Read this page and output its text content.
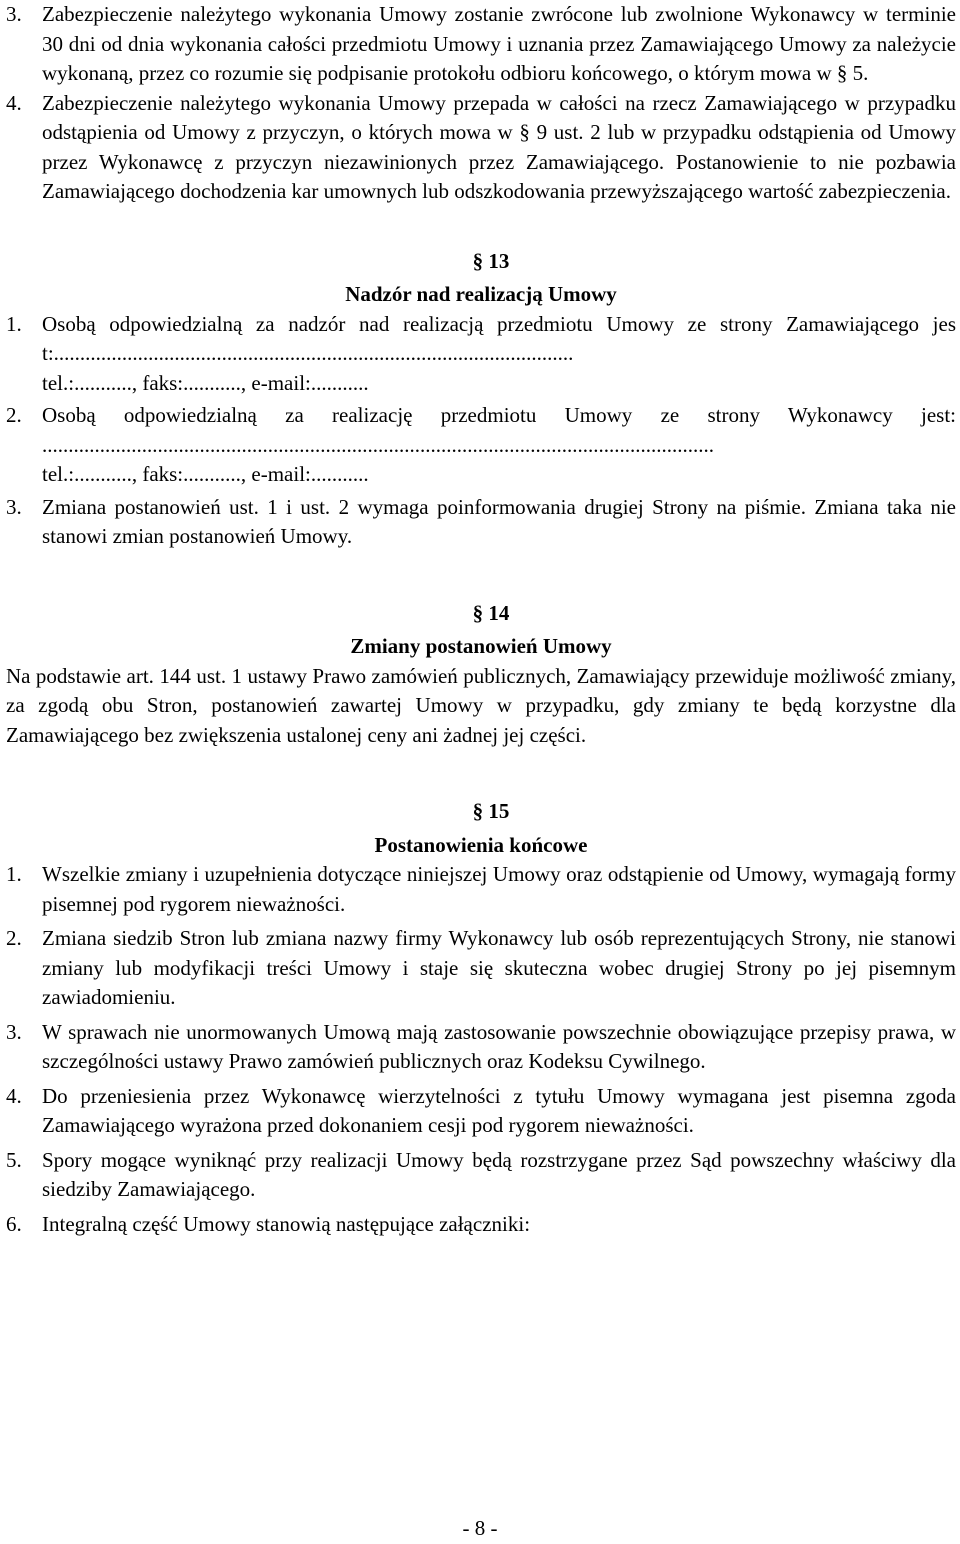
3. Zabezpieczenie należytego wykonania Umowy zostanie zwrócone lub zwolnione Wykonawcy w terminie 30 dni od dnia wykonania całości przedmiotu Umowy i uznania przez Zamawiającego Umowy za należycie wykonaną, przez co rozumie się podpisanie protokołu odbioru końcowego, o którym mowa w § 5.
4. Zabezpieczenie należytego wykonania Umowy przepada w całości na rzecz Zamawiającego w przypadku odstąpienia od Umowy z przyczyn, o których mowa w § 9 ust. 2 lub w przypadku odstąpienia od Umowy przez Wykonawcę z przyczyn niezawinionych przez Zamawiającego. Postanowienie to nie pozbawia Zamawiającego dochodzenia kar umownych lub odszkodowania przewyższającego wartość zabezpieczenia.
§ 13
Nadzór nad realizacją Umowy
1. Osobą odpowiedzialną za nadzór nad realizacją przedmiotu Umowy ze strony Zamawiającego jest:...................................................................................................
tel.:..........., faks:..........., e-mail:...........
2. Osobą odpowiedzialną za realizację przedmiotu Umowy ze strony Wykonawcy jest: ................................................................................................................................
tel.:..........., faks:..........., e-mail:...........
3. Zmiana postanowień ust. 1 i ust. 2 wymaga poinformowania drugiej Strony na piśmie. Zmiana taka nie stanowi zmian postanowień Umowy.
§ 14
Zmiany postanowień Umowy
Na podstawie art. 144 ust. 1 ustawy Prawo zamówień publicznych, Zamawiający przewiduje możliwość zmiany, za zgodą obu Stron, postanowień zawartej Umowy w przypadku, gdy zmiany te będą korzystne dla Zamawiającego bez zwiększenia ustalonej ceny ani żadnej jej części.
§ 15
Postanowienia końcowe
1. Wszelkie zmiany i uzupełnienia dotyczące niniejszej Umowy oraz odstąpienie od Umowy, wymagają formy pisemnej pod rygorem nieważności.
2. Zmiana siedzib Stron lub zmiana nazwy firmy Wykonawcy lub osób reprezentujących Strony, nie stanowi zmiany lub modyfikacji treści Umowy i staje się skuteczna wobec drugiej Strony po jej pisemnym zawiadomieniu.
3. W sprawach nie unormowanych Umową mają zastosowanie powszechnie obowiązujące przepisy prawa, w szczególności ustawy Prawo zamówień publicznych oraz Kodeksu Cywilnego.
4. Do przeniesienia przez Wykonawcę wierzytelności z tytułu Umowy wymagana jest pisemna zgoda Zamawiającego wyrażona przed dokonaniem cesji pod rygorem nieważności.
5. Spory mogące wyniknąć przy realizacji Umowy będą rozstrzygane przez Sąd powszechny właściwy dla siedziby Zamawiającego.
6. Integralną część Umowy stanowią następujące załączniki:
- 8 -
